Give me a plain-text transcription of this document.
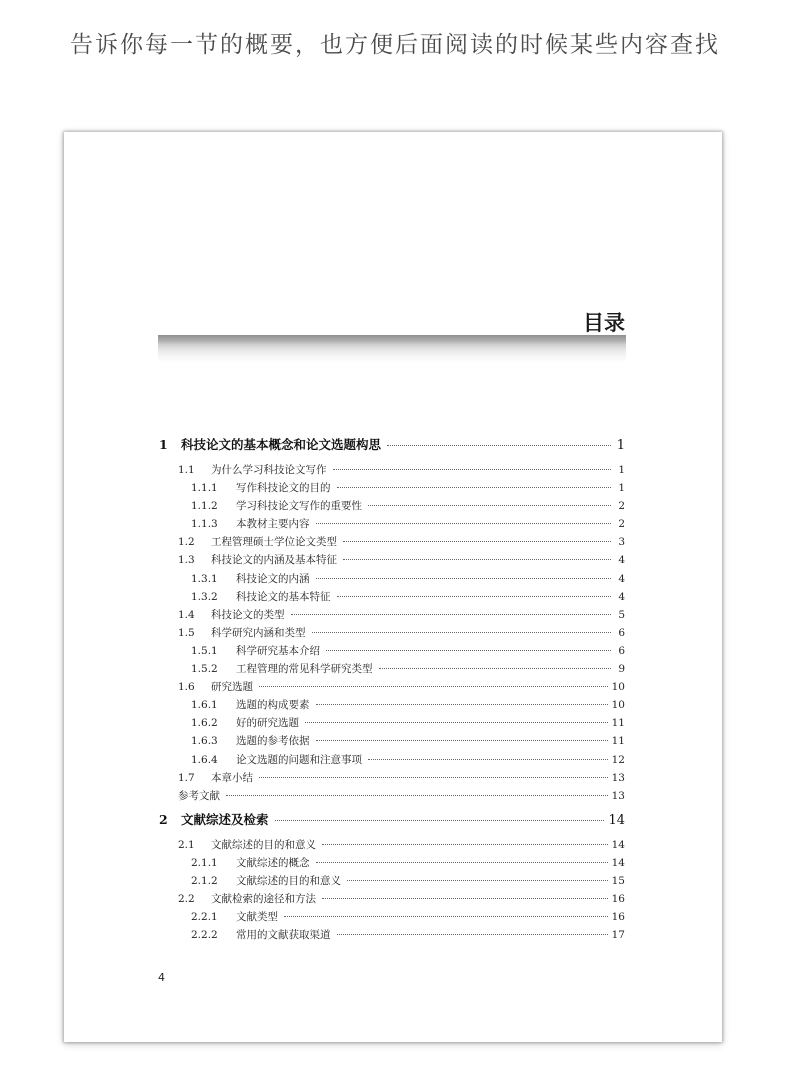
告诉你每一节的概要，也方便后面阅读的时候某些内容查找
目录
1	科技论文的基本概念和论文选题构思	1
1.1	为什么学习科技论文写作	1
1.1.1	写作科技论文的目的	1
1.1.2	学习科技论文写作的重要性	2
1.1.3	本教材主要内容	2
1.2	工程管理硕士学位论文类型	3
1.3	科技论文的内涵及基本特征	4
1.3.1	科技论文的内涵	4
1.3.2	科技论文的基本特征	4
1.4	科技论文的类型	5
1.5	科学研究内涵和类型	6
1.5.1	科学研究基本介绍	6
1.5.2	工程管理的常见科学研究类型	9
1.6	研究选题	10
1.6.1	选题的构成要素	10
1.6.2	好的研究选题	11
1.6.3	选题的参考依据	11
1.6.4	论文选题的问题和注意事项	12
1.7	本章小结	13
参考文献	13
2	文献综述及检索	14
2.1	文献综述的目的和意义	14
2.1.1	文献综述的概念	14
2.1.2	文献综述的目的和意义	15
2.2	文献检索的途径和方法	16
2.2.1	文献类型	16
2.2.2	常用的文献获取渠道	17
4
